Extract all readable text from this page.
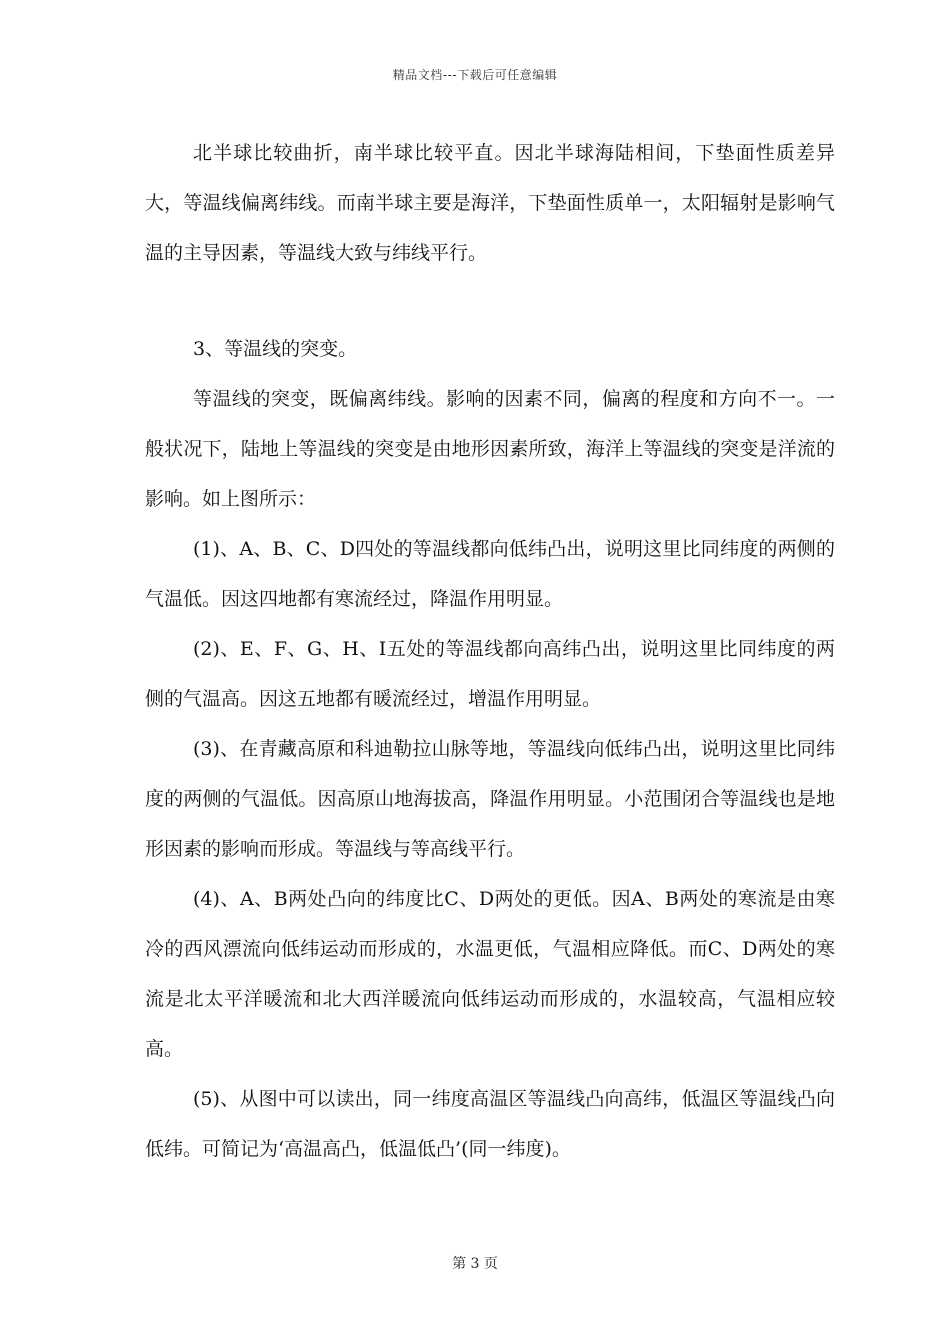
精品文档---下载后可任意编辑

北半球比较曲折，南半球比较平直。因北半球海陆相间，下垫面性质差异大，等温线偏离纬线。而南半球主要是海洋，下垫面性质单一，太阳辐射是影响气温的主导因素，等温线大致与纬线平行。

3、等温线的突变。

等温线的突变，既偏离纬线。影响的因素不同，偏离的程度和方向不一。一般状况下，陆地上等温线的突变是由地形因素所致，海洋上等温线的突变是洋流的影响。如上图所示：

(1)、A、B、C、D四处的等温线都向低纬凸出，说明这里比同纬度的两侧的气温低。因这四地都有寒流经过，降温作用明显。

(2)、E、F、G、H、I五处的等温线都向高纬凸出，说明这里比同纬度的两侧的气温高。因这五地都有暖流经过，增温作用明显。

(3)、在青藏高原和科迪勒拉山脉等地，等温线向低纬凸出，说明这里比同纬度的两侧的气温低。因高原山地海拔高，降温作用明显。小范围闭合等温线也是地形因素的影响而形成。等温线与等高线平行。

(4)、A、B两处凸向的纬度比C、D两处的更低。因A、B两处的寒流是由寒冷的西风漂流向低纬运动而形成的，水温更低，气温相应降低。而C、D两处的寒流是北太平洋暖流和北大西洋暖流向低纬运动而形成的，水温较高，气温相应较高。

(5)、从图中可以读出，同一纬度高温区等温线凸向高纬，低温区等温线凸向低纬。可简记为‘高温高凸，低温低凸’(同一纬度)。

第 3 页
